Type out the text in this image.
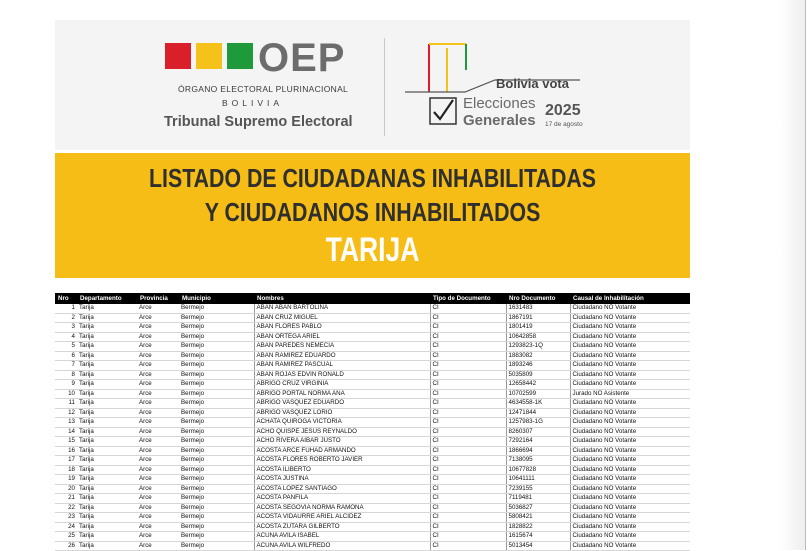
OEP
ÓRGANO ELECTORAL PLURINACIONAL
BOLIVIA
Tribunal Supremo Electoral
Bolivia vota
Elecciones
Generales
2025
17 de agosto
LISTADO DE CIUDADANAS INHABILITADAS
Y CIUDADANOS INHABILITADOS
TARIJA
Nro	Departamento	Provincia	Municipio	Nombres	Tipo de Documento	Nro Documento	Causal de Inhabilitación
1	Tarija	Arce	Bermejo	ABAN ABAN BARTOLINA	CI	1631483	Ciudadano NO Votante
2	Tarija	Arce	Bermejo	ABAN CRUZ MIGUEL	CI	1867191	Ciudadano NO Votante
3	Tarija	Arce	Bermejo	ABAN FLORES PABLO	CI	1801419	Ciudadano NO Votante
4	Tarija	Arce	Bermejo	ABAN ORTEGA ARIEL	CI	10642858	Ciudadano NO Votante
5	Tarija	Arce	Bermejo	ABAN PAREDES NEMECIA	CI	1293823-1Q	Ciudadano NO Votante
6	Tarija	Arce	Bermejo	ABAN RAMIREZ EDUARDO	CI	1883082	Ciudadano NO Votante
7	Tarija	Arce	Bermejo	ABAN RAMIREZ PASCUAL	CI	1893246	Ciudadano NO Votante
8	Tarija	Arce	Bermejo	ABAN ROJAS EDVIN RONALD	CI	5035809	Ciudadano NO Votante
9	Tarija	Arce	Bermejo	ABRIGO CRUZ VIRGINIA	CI	12658442	Ciudadano NO Votante
10	Tarija	Arce	Bermejo	ABRIGO PORTAL NORMA ANA	CI	10702599	Jurado NO Asistente
11	Tarija	Arce	Bermejo	ABRIGO VASQUEZ EDUARDO	CI	4634558-1K	Ciudadano NO Votante
12	Tarija	Arce	Bermejo	ABRIGO VASQUEZ LORIO	CI	12471844	Ciudadano NO Votante
13	Tarija	Arce	Bermejo	ACHATA QUIROGA VICTORIA	CI	1257983-1G	Ciudadano NO Votante
14	Tarija	Arce	Bermejo	ACHO QUISPE JESUS REYNALDO	CI	8260307	Ciudadano NO Votante
15	Tarija	Arce	Bermejo	ACHO RIVERA AIBAR JUSTO	CI	7292164	Ciudadano NO Votante
16	Tarija	Arce	Bermejo	ACOSTA ARCE FUHAD ARMANDO	CI	1866694	Ciudadano NO Votante
17	Tarija	Arce	Bermejo	ACOSTA FLORES ROBERTO JAVIER	CI	7138095	Ciudadano NO Votante
18	Tarija	Arce	Bermejo	ACOSTA ILIBERTO	CI	10677828	Ciudadano NO Votante
19	Tarija	Arce	Bermejo	ACOSTA JUSTINA	CI	10641111	Ciudadano NO Votante
20	Tarija	Arce	Bermejo	ACOSTA LOPEZ SANTIAGO	CI	7239155	Ciudadano NO Votante
21	Tarija	Arce	Bermejo	ACOSTA PANFILA	CI	7119481	Ciudadano NO Votante
22	Tarija	Arce	Bermejo	ACOSTA SEGOVIA NORMA RAMONA	CI	5036827	Ciudadano NO Votante
23	Tarija	Arce	Bermejo	ACOSTA VIDAURRE ARIEL ALCIDEZ	CI	5808421	Ciudadano NO Votante
24	Tarija	Arce	Bermejo	ACOSTA ZUTARA GILBERTO	CI	1828822	Ciudadano NO Votante
25	Tarija	Arce	Bermejo	ACUÑA AVILA ISABEL	CI	1615674	Ciudadano NO Votante
26	Tarija	Arce	Bermejo	ACUÑA AVILA WILFREDO	CI	5013454	Ciudadano NO Votante
